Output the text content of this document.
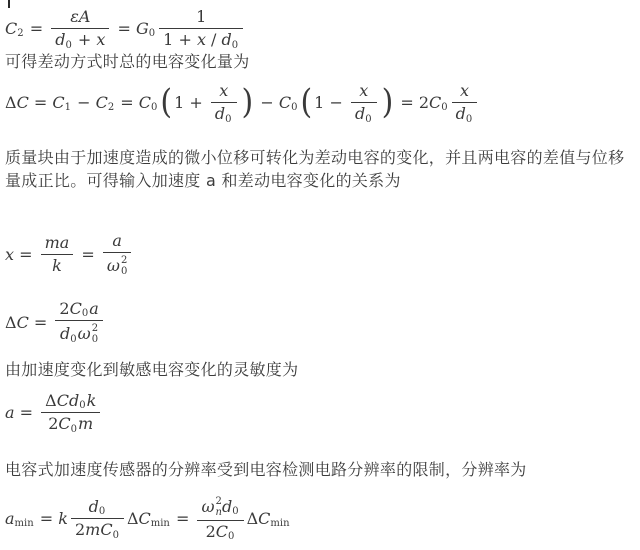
C $2 = \frac{\text{ε A}}{d 0 + x} = G$ $0 \frac{1}{1 + x / d 0}$
可得差动方式时总的电容变化量为
Δ C = C 1 − C 2 = C 0 ( $1 + \frac{x}{d 0}$ ) − C 0 ( $1 - \frac{x}{d 0}$ ) = 2 C $0 \frac{x}{d 0}$
质量块由于加速度造成的微小位移可转化为差动电容的变化，并且两电容的差值与位移量成正比。可得输入加速度 a 和差动电容变化的关系为
$x = \frac{ma}{k} = a$
ω 2
0
Δ C = 2 C 0 a
d 0 ω 2
0
由加速度变化到敏感电容变化的灵敏度为
$a = \frac{\text{Δ C d 0 k}}{2 C 0 m}$
电容式加速度传感器的分辨率受到电容检测电路分辨率的限制，分辨率为
a min = k $\frac{d 0}{\text{2 m C 0}}$ Δ C min = ω 2
n d 0
2 C 0 Δ C min
